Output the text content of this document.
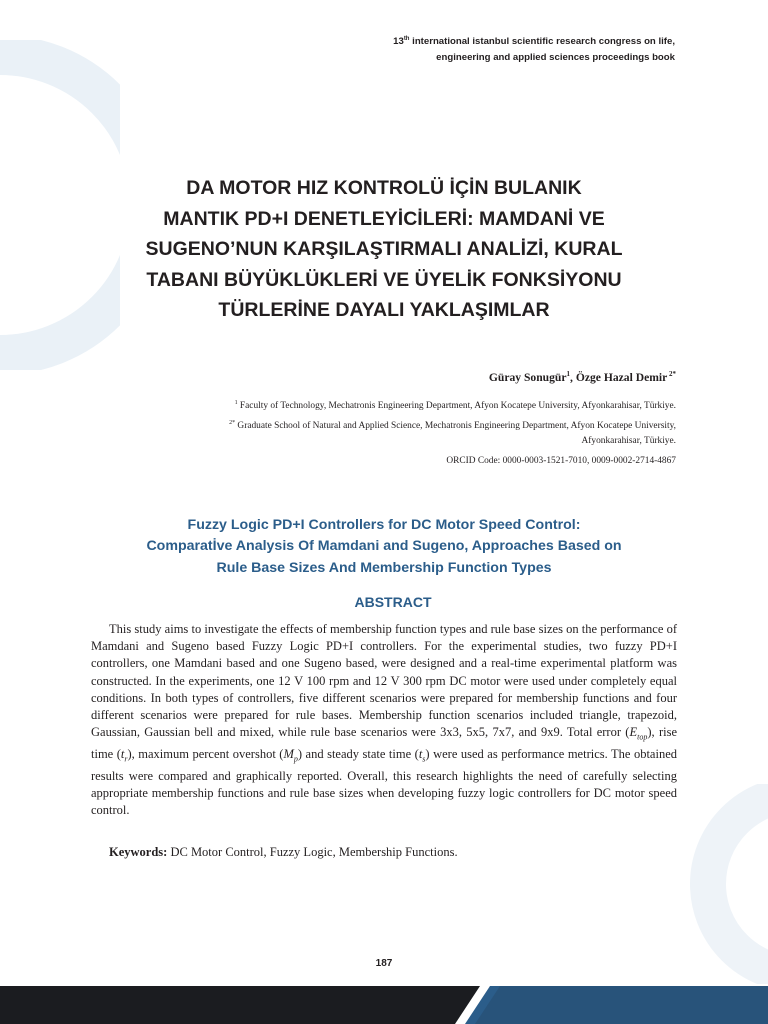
13th international istanbul scientific research congress on life,
engineering and applied sciences proceedings book
DA MOTOR HIZ KONTROLÜ İÇİN BULANIK
MANTIK PD+I DENETLEYİCİLERİ: MAMDANİ VE
SUGENO’NUN KARŞILAŞTIRMALI ANALİZİ, KURAL
TABANI BÜYÜKLÜKLERİ VE ÜYELİK FONKSİYONU
TÜRLERİNE DAYALI YAKLAŞIMLAR
Güray Sonugür$^1$, Özge Hazal Demir $^{2*}$
$^1$ Faculty of Technology, Mechatronis Engineering Department, Afyon Kocatepe University, Afyonkarahisar, Türkiye.
$^{2*}$ Graduate School of Natural and Applied Science, Mechatronis Engineering Department, Afyon Kocatepe University,
Afyonkarahisar, Türkiye.
ORCID Code: 0000-0003-1521-7010, 0009-0002-2714-4867
Fuzzy Logic PD+I Controllers for DC Motor Speed Control:
Comparatİve Analysis Of Mamdani and Sugeno, Approaches Based on
Rule Base Sizes And Membership Function Types
ABSTRACT
This study aims to investigate the effects of membership function types and rule base sizes on the performance of Mamdani and Sugeno based Fuzzy Logic PD+I controllers. For the experimental studies, two fuzzy PD+I controllers, one Mamdani based and one Sugeno based, were designed and a real-time experimental platform was constructed. In the experiments, one 12 V 100 rpm and 12 V 300 rpm DC motor were used under completely equal conditions. In both types of controllers, five different scenarios were prepared for membership functions and four different scenarios were prepared for rule bases. Membership function scenarios included triangle, trapezoid, Gaussian, Gaussian bell and mixed, while rule base scenarios were 3x3, 5x5, 7x7, and 9x9. Total error $(E_{top})$, rise time $(t_r)$, maximum percent overshot $(M_p)$ and steady state time $(t_s)$ were used as performance metrics. The obtained results were compared and graphically reported. Overall, this research highlights the need of carefully selecting appropriate membership functions and rule base sizes when developing fuzzy logic controllers for DC motor speed control.
Keywords: DC Motor Control, Fuzzy Logic, Membership Functions.
187
